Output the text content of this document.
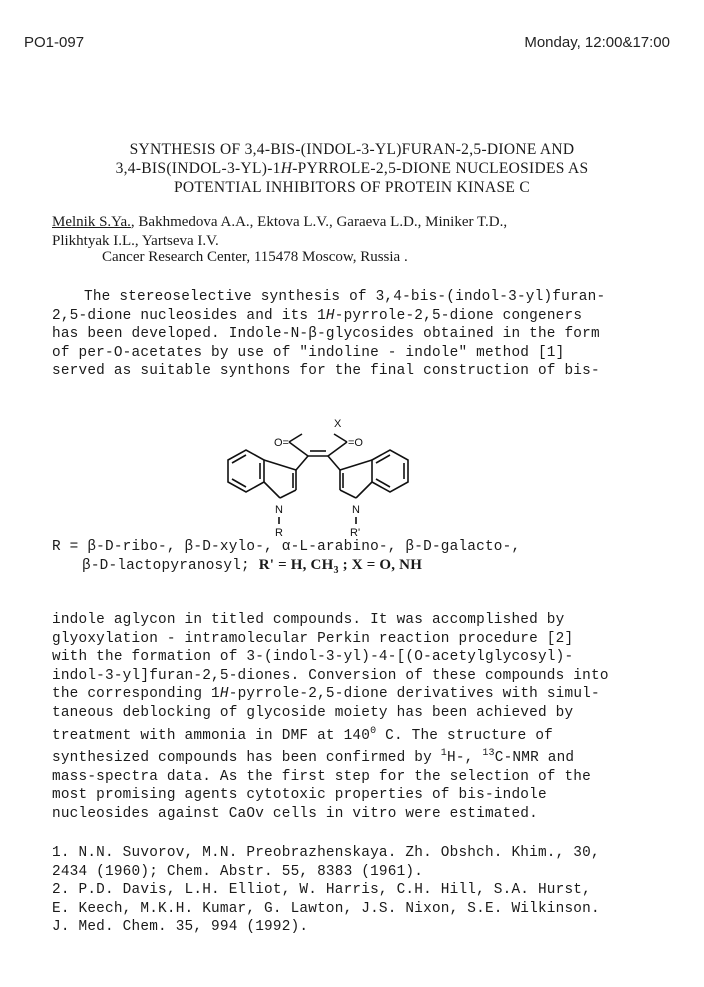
PO1-097	Monday, 12:00&17:00
SYNTHESIS OF 3,4-BIS-(INDOL-3-YL)FURAN-2,5-DIONE AND
3,4-BIS(INDOL-3-YL)-1H-PYRROLE-2,5-DIONE NUCLEOSIDES AS
POTENTIAL INHIBITORS OF PROTEIN KINASE C
Melnik S.Ya., Bakhmedova A.A., Ektova L.V., Garaeva L.D., Miniker T.D.,
Plikhtyak I.L., Yartseva I.V.
Cancer Research Center, 115478 Moscow, Russia .
The stereoselective synthesis of 3,4-bis-(indol-3-yl)furan-
2,5-dione nucleosides and its 1H-pyrrole-2,5-dione congeners
has been developed. Indole-N-β-glycosides obtained in the form
of per-O-acetates by use of "indoline - indole" method [1]
served as suitable synthons for the final construction of bis-
X
O=	=O
N
R
N
R'
R = β-D-ribo-, β-D-xylo-, α-L-arabino-, β-D-galacto-,
β-D-lactopyranosyl; R' = H, $CH_3$ ; X = O, NH
indole aglycon in titled compounds. It was accomplished by
glyoxylation - intramolecular Perkin reaction procedure [2]
with the formation of 3-(indol-3-yl)-4-[(O-acetylglycosyl)-
indol-3-yl]furan-2,5-diones. Conversion of these compounds into
the corresponding 1H-pyrrole-2,5-dione derivatives with simul-
taneous deblocking of glycoside moiety has been achieved by
treatment with ammonia in DMF at $140^0$ C. The structure of
synthesized compounds has been confirmed by $^1$H-, $^{13}$C-NMR and
mass-spectra data. As the first step for the selection of the
most promising agents cytotoxic properties of bis-indole
nucleosides against CaOv cells in vitro were estimated.
1. N.N. Suvorov, M.N. Preobrazhenskaya. Zh. Obshch. Khim., 30,
2434 (1960); Chem. Abstr. 55, 8383 (1961).
2. P.D. Davis, L.H. Elliot, W. Harris, C.H. Hill, S.A. Hurst,
E. Keech, M.K.H. Kumar, G. Lawton, J.S. Nixon, S.E. Wilkinson.
J. Med. Chem. 35, 994 (1992).
